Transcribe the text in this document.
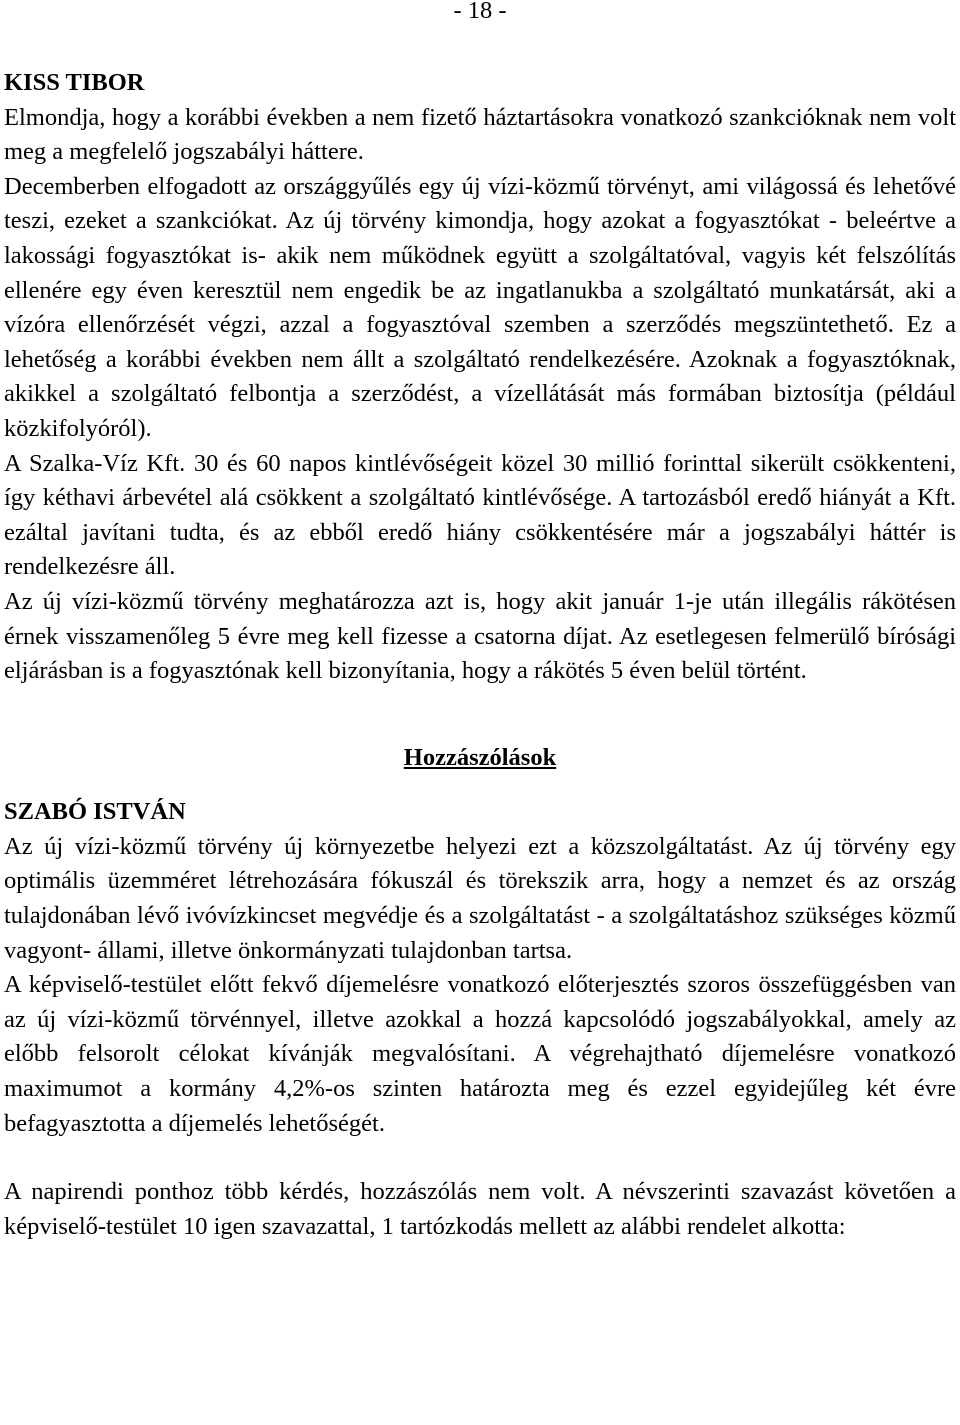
- 18 -
KISS TIBOR

Elmondja, hogy a korábbi években a nem fizető háztartásokra vonatkozó szankcióknak nem volt meg a megfelelő jogszabályi háttere.

Decemberben elfogadott az országgyűlés egy új vízi-közmű törvényt, ami világossá és lehetővé teszi, ezeket a szankciókat. Az új törvény kimondja, hogy azokat a fogyasztókat - beleértve a lakossági fogyasztókat is- akik nem működnek együtt a szolgáltatóval, vagyis két felszólítás ellenére egy éven keresztül nem engedik be az ingatlanukba a szolgáltató munkatársát, aki a vízóra ellenőrzését végzi, azzal a fogyasztóval szemben a szerződés megszüntethető. Ez a lehetőség a korábbi években nem állt a szolgáltató rendelkezésére. Azoknak a fogyasztóknak, akikkel a szolgáltató felbontja a szerződést, a vízellátását más formában biztosítja (például közkifolyóról).

A Szalka-Víz Kft. 30 és 60 napos kintlévőségeit közel 30 millió forinttal sikerült csökkenteni, így kéthavi árbevétel alá csökkent a szolgáltató kintlévősége. A tartozásból eredő hiányát a Kft. ezáltal javítani tudta, és az ebből eredő hiány csökkentésére már a jogszabályi háttér is rendelkezésre áll.

Az új vízi-közmű törvény meghatározza azt is, hogy akit január 1-je után illegális rákötésen érnek visszamenőleg 5 évre meg kell fizesse a csatorna díjat. Az esetlegesen felmerülő bírósági eljárásban is a fogyasztónak kell bizonyítania, hogy a rákötés 5 éven belül történt.

Hozzászólások
SZABÓ ISTVÁN

Az új vízi-közmű törvény új környezetbe helyezi ezt a közszolgáltatást. Az új törvény egy optimális üzemméret létrehozására fókuszál és törekszik arra, hogy a nemzet és az ország tulajdonában lévő ivóvízkincset megvédje és a szolgáltatást - a szolgáltatáshoz szükséges közmű vagyont- állami, illetve önkormányzati tulajdonban tartsa.

A képviselő-testület előtt fekvő díjemelésre vonatkozó előterjesztés szoros összefüggésben van az új vízi-közmű törvénnyel, illetve azokkal a hozzá kapcsolódó jogszabályokkal, amely az előbb felsorolt célokat kívánják megvalósítani. A végrehajtható díjemelésre vonatkozó maximumot a kormány 4,2%-os szinten határozta meg és ezzel egyidejűleg két évre befagyasztotta a díjemelés lehetőségét.

A napirendi ponthoz több kérdés, hozzászólás nem volt. A névszerinti szavazást követően a képviselő-testület 10 igen szavazattal, 1 tartózkodás mellett az alábbi rendelet alkotta:
